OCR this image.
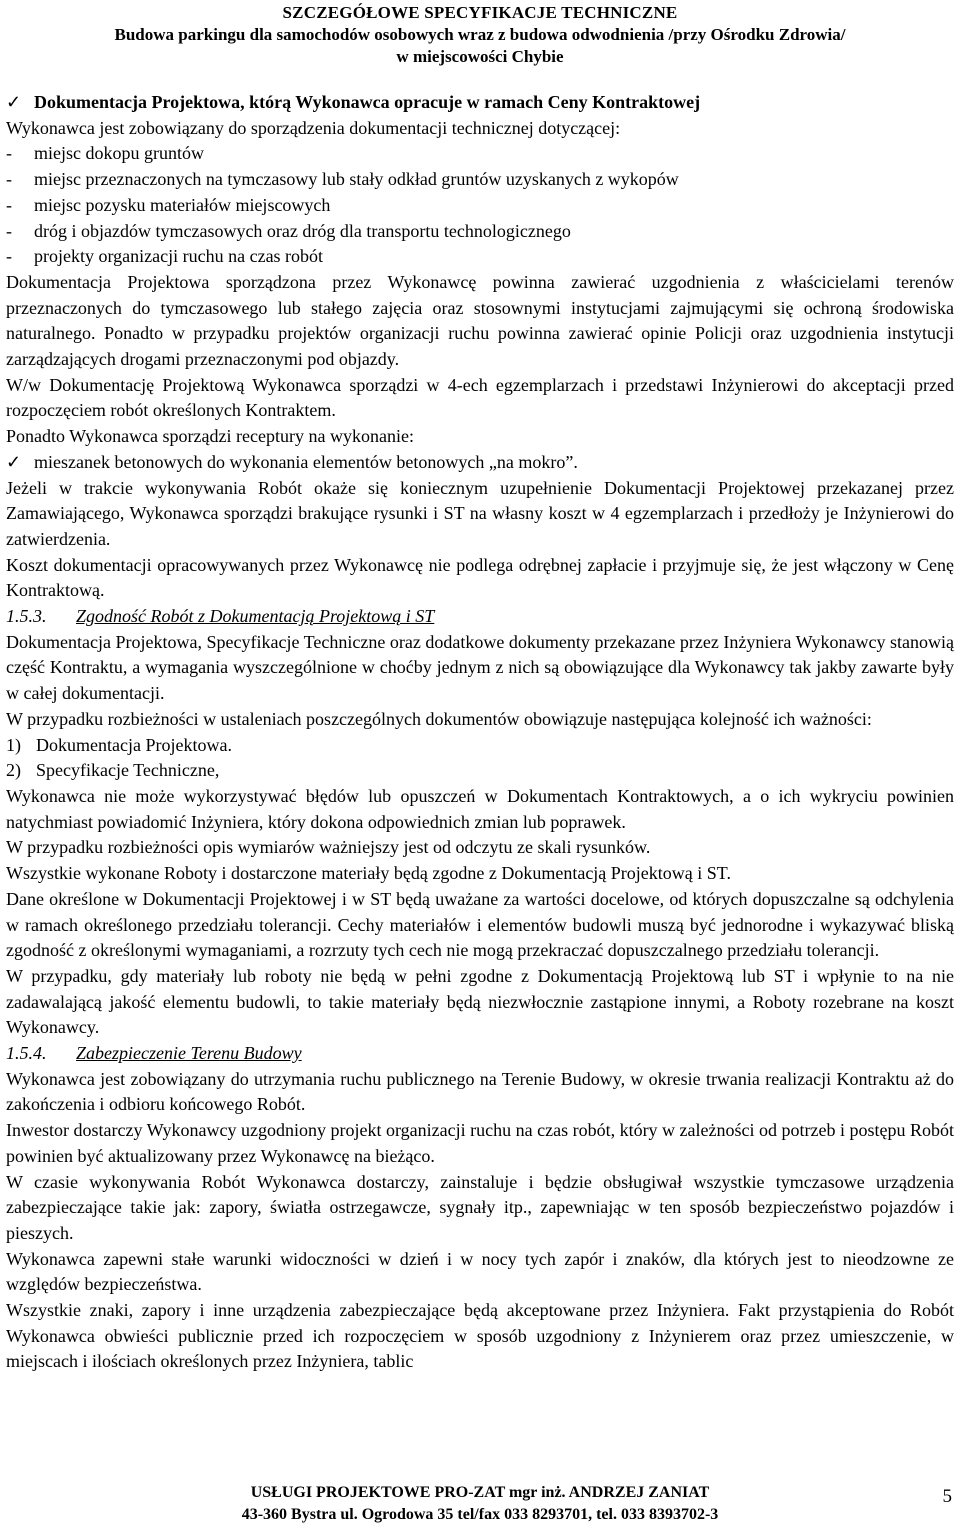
SZCZEGÓŁOWE SPECYFIKACJE TECHNICZNE
Budowa parkingu dla samochodów osobowych wraz z budowa odwodnienia /przy Ośrodku Zdrowia/
w miejscowości Chybie
✓ Dokumentacja Projektowa, którą Wykonawca opracuje w ramach Ceny Kontraktowej
Wykonawca jest zobowiązany do sporządzenia dokumentacji technicznej dotyczącej:
-	miejsc dokopu gruntów
-	miejsc przeznaczonych na tymczasowy lub stały odkład gruntów uzyskanych z wykopów
-	miejsc pozysku materiałów miejscowych
-	dróg i objazdów tymczasowych oraz dróg dla transportu technologicznego
-	projekty organizacji ruchu na czas robót
Dokumentacja Projektowa sporządzona przez Wykonawcę powinna zawierać uzgodnienia z właścicielami terenów przeznaczonych do tymczasowego lub stałego zajęcia oraz stosownymi instytucjami zajmującymi się ochroną środowiska naturalnego. Ponadto w przypadku projektów organizacji ruchu powinna zawierać opinie Policji oraz uzgodnienia instytucji zarządzających drogami przeznaczonymi pod objazdy.
W/w Dokumentację Projektową Wykonawca sporządzi w 4-ech egzemplarzach i przedstawi Inżynierowi do akceptacji przed rozpoczęciem robót określonych Kontraktem.
Ponadto Wykonawca sporządzi receptury na wykonanie:
✓ mieszanek betonowych do wykonania elementów betonowych „na mokro”.
Jeżeli w trakcie wykonywania Robót okaże się koniecznym uzupełnienie Dokumentacji Projektowej przekazanej przez Zamawiającego, Wykonawca sporządzi brakujące rysunki i ST na własny koszt w 4 egzemplarzach i przedłoży je Inżynierowi do zatwierdzenia.
Koszt dokumentacji opracowywanych przez Wykonawcę nie podlega odrębnej zapłacie i przyjmuje się, że jest włączony w Cenę Kontraktową.
1.5.3.	Zgodność Robót z Dokumentacją Projektową i ST
Dokumentacja Projektowa, Specyfikacje Techniczne oraz dodatkowe dokumenty przekazane przez Inżyniera Wykonawcy stanowią część Kontraktu, a wymagania wyszczególnione w choćby jednym z nich są obowiązujące dla Wykonawcy tak jakby zawarte były w całej dokumentacji.
W przypadku rozbieżności w ustaleniach poszczególnych dokumentów obowiązuje następująca kolejność ich ważności:
1) Dokumentacja Projektowa.
2) Specyfikacje Techniczne,
Wykonawca nie może wykorzystywać błędów lub opuszczeń w Dokumentach Kontraktowych, a o ich wykryciu powinien natychmiast powiadomić Inżyniera, który dokona odpowiednich zmian lub poprawek.
W przypadku rozbieżności opis wymiarów ważniejszy jest od odczytu ze skali rysunków.
Wszystkie wykonane Roboty i dostarczone materiały będą zgodne z Dokumentacją Projektową i ST.
Dane określone w Dokumentacji Projektowej i w ST będą uważane za wartości docelowe, od których dopuszczalne są odchylenia w ramach określonego przedziału tolerancji. Cechy materiałów i elementów budowli muszą być jednorodne i wykazywać bliską zgodność z określonymi wymaganiami, a rozrzuty tych cech nie mogą przekraczać dopuszczalnego przedziału tolerancji.
W przypadku, gdy materiały lub roboty nie będą w pełni zgodne z Dokumentacją Projektową lub ST i wpłynie to na nie zadawalającą jakość elementu budowli, to takie materiały będą niezwłocznie zastąpione innymi, a Roboty rozebrane na koszt Wykonawcy.
1.5.4.	Zabezpieczenie Terenu Budowy
Wykonawca jest zobowiązany do utrzymania ruchu publicznego na Terenie Budowy, w okresie trwania realizacji Kontraktu aż do zakończenia i odbioru końcowego Robót.
Inwestor dostarczy Wykonawcy uzgodniony projekt organizacji ruchu na czas robót, który w zależności od potrzeb i postępu Robót powinien być aktualizowany przez Wykonawcę na bieżąco.
W czasie wykonywania Robót Wykonawca dostarczy, zainstaluje i będzie obsługiwał wszystkie tymczasowe urządzenia zabezpieczające takie jak: zapory, światła ostrzegawcze, sygnały itp., zapewniając w ten sposób bezpieczeństwo pojazdów i pieszych.
Wykonawca zapewni stałe warunki widoczności w dzień i w nocy tych zapór i znaków, dla których jest to nieodzowne ze względów bezpieczeństwa.
Wszystkie znaki, zapory i inne urządzenia zabezpieczające będą akceptowane przez Inżyniera. Fakt przystąpienia do Robót Wykonawca obwieści publicznie przed ich rozpoczęciem w sposób uzgodniony z Inżynierem oraz przez umieszczenie, w miejscach i ilościach określonych przez Inżyniera, tablic
USŁUGI PROJEKTOWE PRO-ZAT mgr inż. ANDRZEJ ZANIAT
43-360 Bystra ul. Ogrodowa 35 tel/fax 033 8293701, tel. 033 8393702-3
5
